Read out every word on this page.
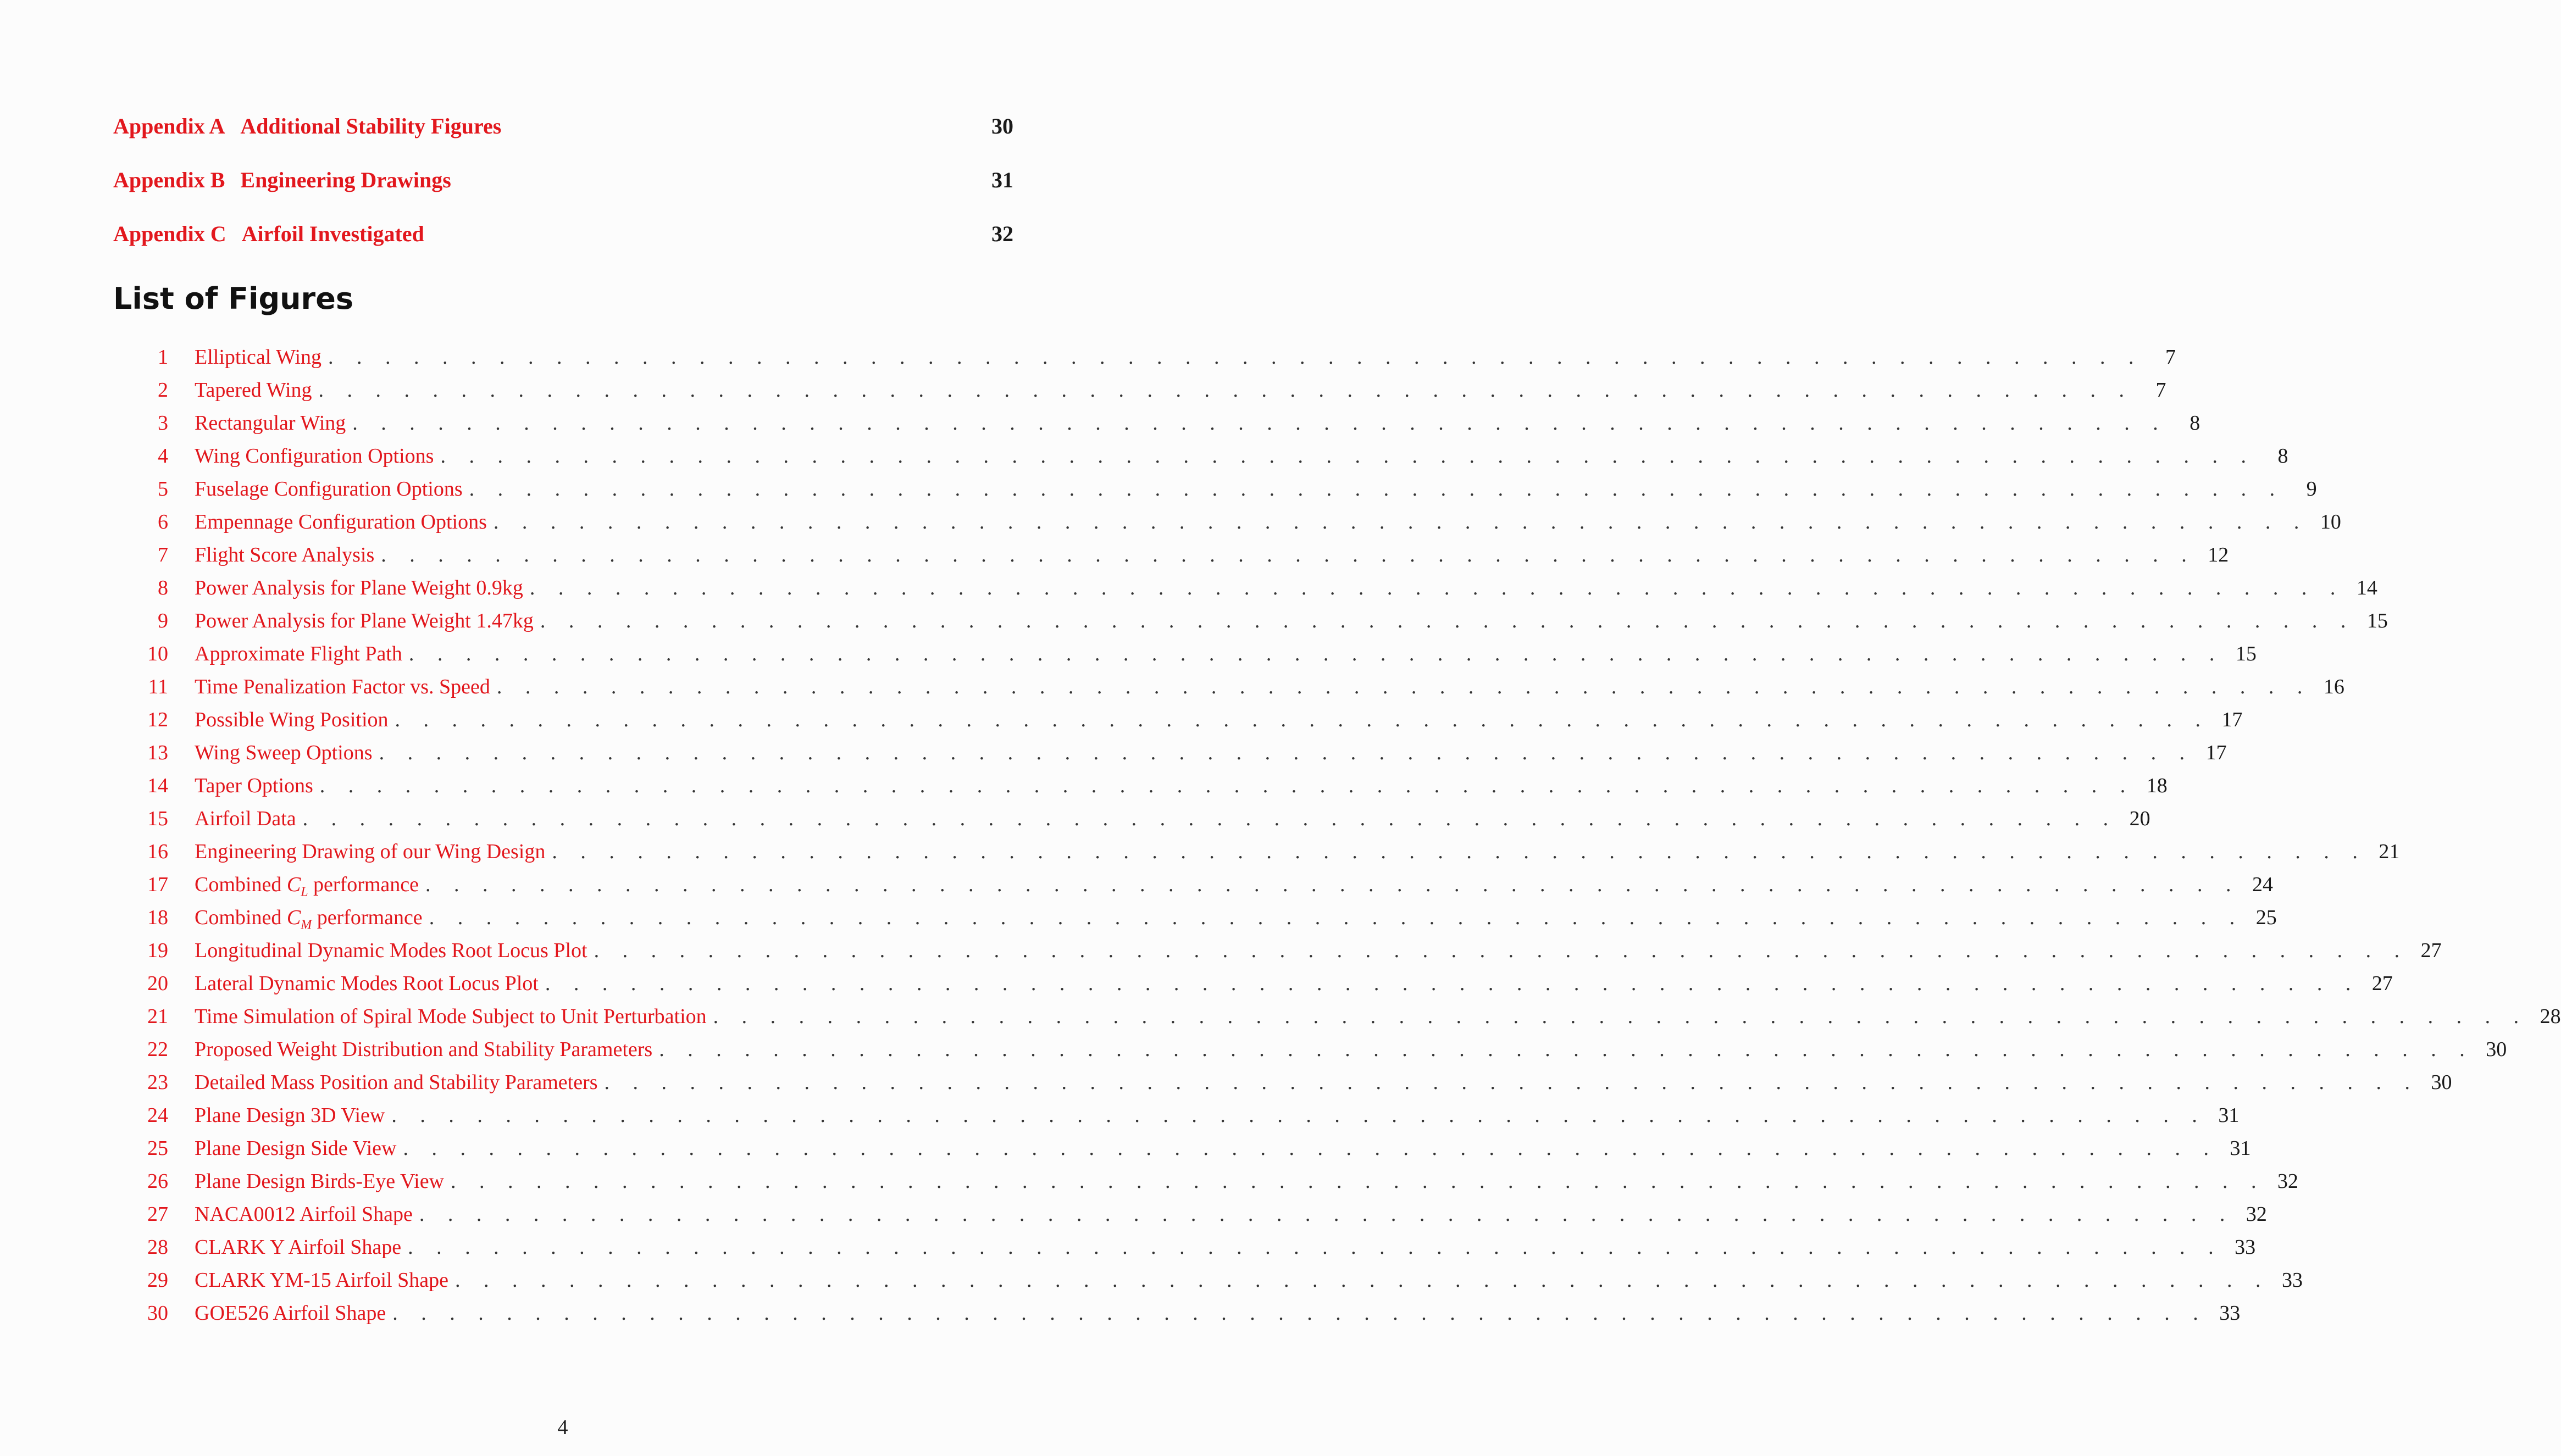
Appendix A Additional Stability Figures	30
Appendix B Engineering Drawings	31
Appendix C Airfoil Investigated	32
List of Figures
1 Elliptical Wing . . . . . . . . . . . . . . . . . . . . . . . . . . . . . . . . . . . . . . . . . . . . . . . . . . . . . . . . . . . . . . . .	7
2 Tapered Wing . . . . . . . . . . . . . . . . . . . . . . . . . . . . . . . . . . . . . . . . . . . . . . . . . . . . . . . . . . . . . . . .	7
3 Rectangular Wing . . . . . . . . . . . . . . . . . . . . . . . . . . . . . . . . . . . . . . . . . . . . . . . . . . . . . . . . . . . . . . . .	8
4 Wing Configuration Options . . . . . . . . . . . . . . . . . . . . . . . . . . . . . . . . . . . . . . . . . . . . . . . . . . . . . . . . . . . . . . . .	8
5 Fuselage Configuration Options . . . . . . . . . . . . . . . . . . . . . . . . . . . . . . . . . . . . . . . . . . . . . . . . . . . . . . . . . . . . . . . .	9
6 Empennage Configuration Options . . . . . . . . . . . . . . . . . . . . . . . . . . . . . . . . . . . . . . . . . . . . . . . . . . . . . . . . . . . . . . . . 10
7 Flight Score Analysis . . . . . . . . . . . . . . . . . . . . . . . . . . . . . . . . . . . . . . . . . . . . . . . . . . . . . . . . . . . . . . . . 12
8 Power Analysis for Plane Weight 0.9kg . . . . . . . . . . . . . . . . . . . . . . . . . . . . . . . . . . . . . . . . . . . . . . . . . . . . . . . . . . . . . . . . 14
9 Power Analysis for Plane Weight 1.47kg . . . . . . . . . . . . . . . . . . . . . . . . . . . . . . . . . . . . . . . . . . . . . . . . . . . . . . . . . . . . . . . . 15
10 Approximate Flight Path . . . . . . . . . . . . . . . . . . . . . . . . . . . . . . . . . . . . . . . . . . . . . . . . . . . . . . . . . . . . . . . . 15
11 Time Penalization Factor vs. Speed . . . . . . . . . . . . . . . . . . . . . . . . . . . . . . . . . . . . . . . . . . . . . . . . . . . . . . . . . . . . . . . . 16
12 Possible Wing Position . . . . . . . . . . . . . . . . . . . . . . . . . . . . . . . . . . . . . . . . . . . . . . . . . . . . . . . . . . . . . . . . 17
13 Wing Sweep Options . . . . . . . . . . . . . . . . . . . . . . . . . . . . . . . . . . . . . . . . . . . . . . . . . . . . . . . . . . . . . . . . 17
14 Taper Options . . . . . . . . . . . . . . . . . . . . . . . . . . . . . . . . . . . . . . . . . . . . . . . . . . . . . . . . . . . . . . . . 18
15 Airfoil Data . . . . . . . . . . . . . . . . . . . . . . . . . . . . . . . . . . . . . . . . . . . . . . . . . . . . . . . . . . . . . . . . 20
16 Engineering Drawing of our Wing Design . . . . . . . . . . . . . . . . . . . . . . . . . . . . . . . . . . . . . . . . . . . . . . . . . . . . . . . . . . . . . . . . 21
17 Combined $C_L$ performance . . . . . . . . . . . . . . . . . . . . . . . . . . . . . . . . . . . . . . . . . . . . . . . . . . . . . . . . . . . . . . . . 24
18 Combined $C_M$ performance . . . . . . . . . . . . . . . . . . . . . . . . . . . . . . . . . . . . . . . . . . . . . . . . . . . . . . . . . . . . . . . . 25
19 Longitudinal Dynamic Modes Root Locus Plot . . . . . . . . . . . . . . . . . . . . . . . . . . . . . . . . . . . . . . . . . . . . . . . . . . . . . . . . . . . . . . . . 27
20 Lateral Dynamic Modes Root Locus Plot . . . . . . . . . . . . . . . . . . . . . . . . . . . . . . . . . . . . . . . . . . . . . . . . . . . . . . . . . . . . . . . . 27
21 Time Simulation of Spiral Mode Subject to Unit Perturbation . . . . . . . . . . . . . . . . . . . . . . . . . . . . . . . . . . . . . . . . . . . . . . . . . . . . . . . . . . . . . . . . 28
22 Proposed Weight Distribution and Stability Parameters . . . . . . . . . . . . . . . . . . . . . . . . . . . . . . . . . . . . . . . . . . . . . . . . . . . . . . . . . . . . . . . . 30
23 Detailed Mass Position and Stability Parameters . . . . . . . . . . . . . . . . . . . . . . . . . . . . . . . . . . . . . . . . . . . . . . . . . . . . . . . . . . . . . . . . 30
24 Plane Design 3D View . . . . . . . . . . . . . . . . . . . . . . . . . . . . . . . . . . . . . . . . . . . . . . . . . . . . . . . . . . . . . . . . 31
25 Plane Design Side View . . . . . . . . . . . . . . . . . . . . . . . . . . . . . . . . . . . . . . . . . . . . . . . . . . . . . . . . . . . . . . . . 31
26 Plane Design Birds-Eye View . . . . . . . . . . . . . . . . . . . . . . . . . . . . . . . . . . . . . . . . . . . . . . . . . . . . . . . . . . . . . . . . 32
27 NACA0012 Airfoil Shape . . . . . . . . . . . . . . . . . . . . . . . . . . . . . . . . . . . . . . . . . . . . . . . . . . . . . . . . . . . . . . . . 32
28 CLARK Y Airfoil Shape . . . . . . . . . . . . . . . . . . . . . . . . . . . . . . . . . . . . . . . . . . . . . . . . . . . . . . . . . . . . . . . . 33
29 CLARK YM-15 Airfoil Shape . . . . . . . . . . . . . . . . . . . . . . . . . . . . . . . . . . . . . . . . . . . . . . . . . . . . . . . . . . . . . . . . 33
30 GOE526 Airfoil Shape . . . . . . . . . . . . . . . . . . . . . . . . . . . . . . . . . . . . . . . . . . . . . . . . . . . . . . . . . . . . . . . . 33
4
